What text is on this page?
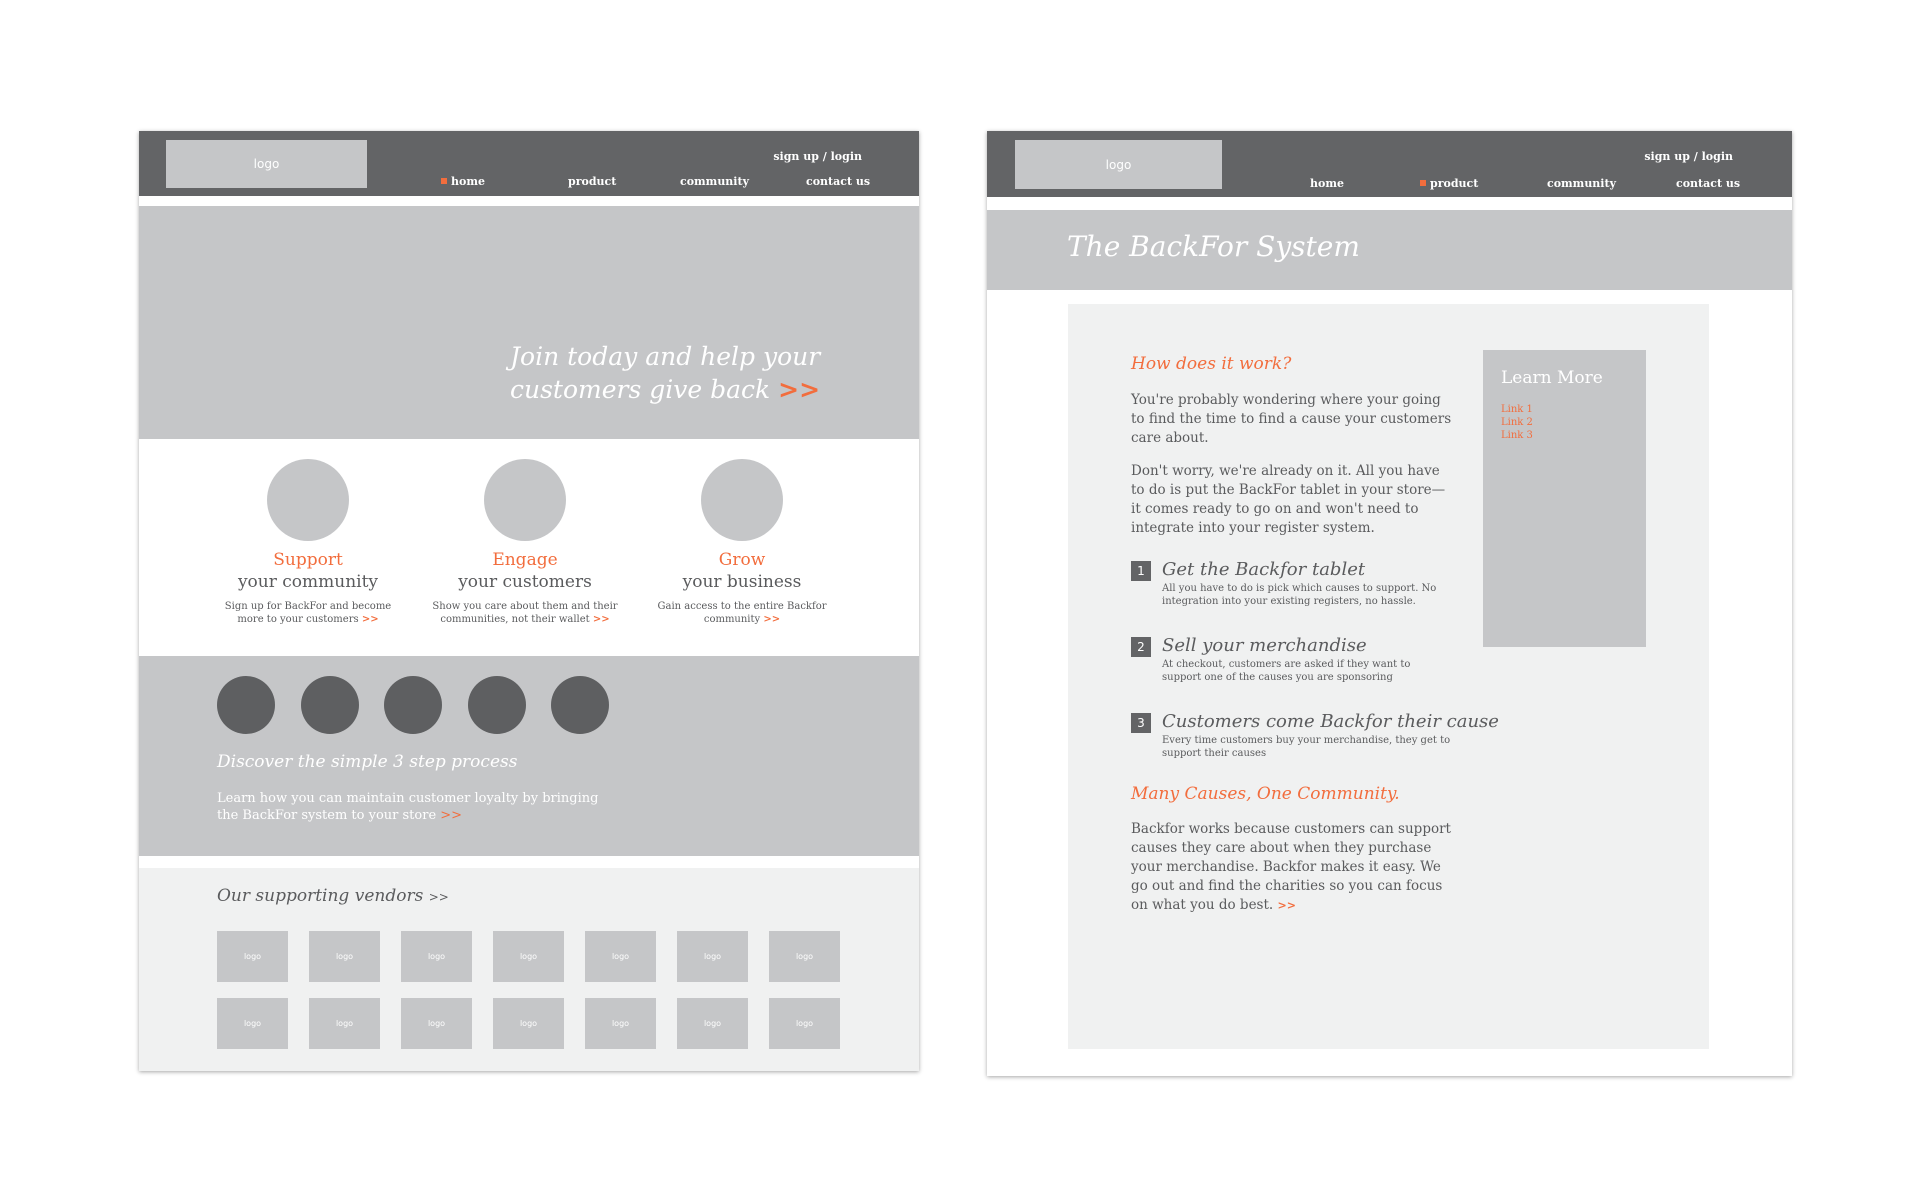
logo
sign up / login
home	product	community	contact us
Join today and help your
customers give back >>
Support
your community
Sign up for BackFor and become
more to your customers >>
Engage
your customers
Show you care about them and their
communities, not their wallet >>
Grow
your business
Gain access to the entire Backfor
community >>
Discover the simple 3 step process
Learn how you can maintain customer loyalty by bringing
the BackFor system to your store >>
Our supporting vendors >>
logo	logo	logo	logo	logo	logo	logo
logo	logo	logo	logo	logo	logo	logo
logo
sign up / login
home	product	community	contact us
The BackFor System
How does it work?
You're probably wondering where your going
to find the time to find a cause your customers
care about.
Don't worry, we're already on it. All you have
to do is put the BackFor tablet in your store—
it comes ready to go on and won't need to
integrate into your register system.
1 Get the Backfor tablet
All you have to do is pick which causes to support. No
integration into your existing registers, no hassle.
2 Sell your merchandise
At checkout, customers are asked if they want to
support one of the causes you are sponsoring
3 Customers come Backfor their cause
Every time customers buy your merchandise, they get to
support their causes
Many Causes, One Community.
Backfor works because customers can support
causes they care about when they purchase
your merchandise. Backfor makes it easy. We
go out and find the charities so you can focus
on what you do best. >>
Learn More
Link 1
Link 2
Link 3
